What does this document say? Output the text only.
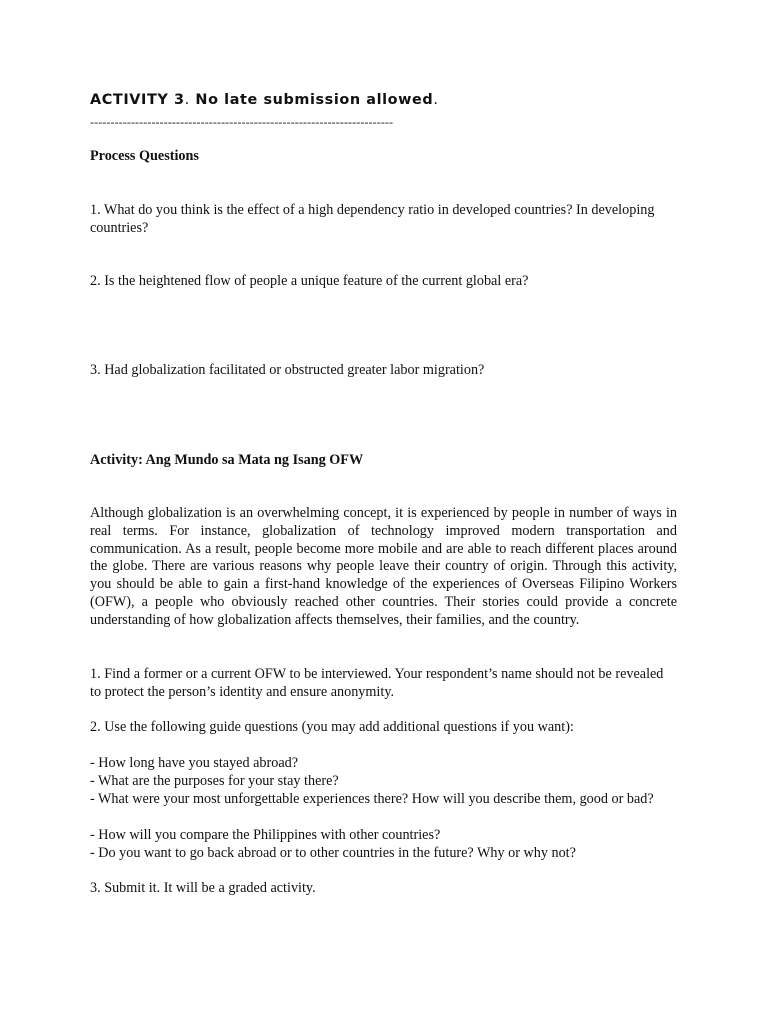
ACTIVITY 3. No late submission allowed.
--------------------------------------------------------------------------
Process Questions
1. What do you think is the effect of a high dependency ratio in developed countries? In developing countries?
2. Is the heightened flow of people a unique feature of the current global era?
3. Had globalization facilitated or obstructed greater labor migration?
Activity: Ang Mundo sa Mata ng Isang OFW
Although globalization is an overwhelming concept, it is experienced by people in number of ways in real terms. For instance, globalization of technology improved modern transportation and communication. As a result, people become more mobile and are able to reach different places around the globe. There are various reasons why people leave their country of origin. Through this activity, you should be able to gain a first-hand knowledge of the experiences of Overseas Filipino Workers (OFW), a people who obviously reached other countries. Their stories could provide a concrete understanding of how globalization affects themselves, their families, and the country.
1. Find a former or a current OFW to be interviewed. Your respondent’s name should not be revealed to protect the person’s identity and ensure anonymity.
2. Use the following guide questions (you may add additional questions if you want):
- How long have you stayed abroad?
- What are the purposes for your stay there?
- What were your most unforgettable experiences there? How will you describe them, good or bad?
- How will you compare the Philippines with other countries?
- Do you want to go back abroad or to other countries in the future? Why or why not?
3. Submit it. It will be a graded activity.
